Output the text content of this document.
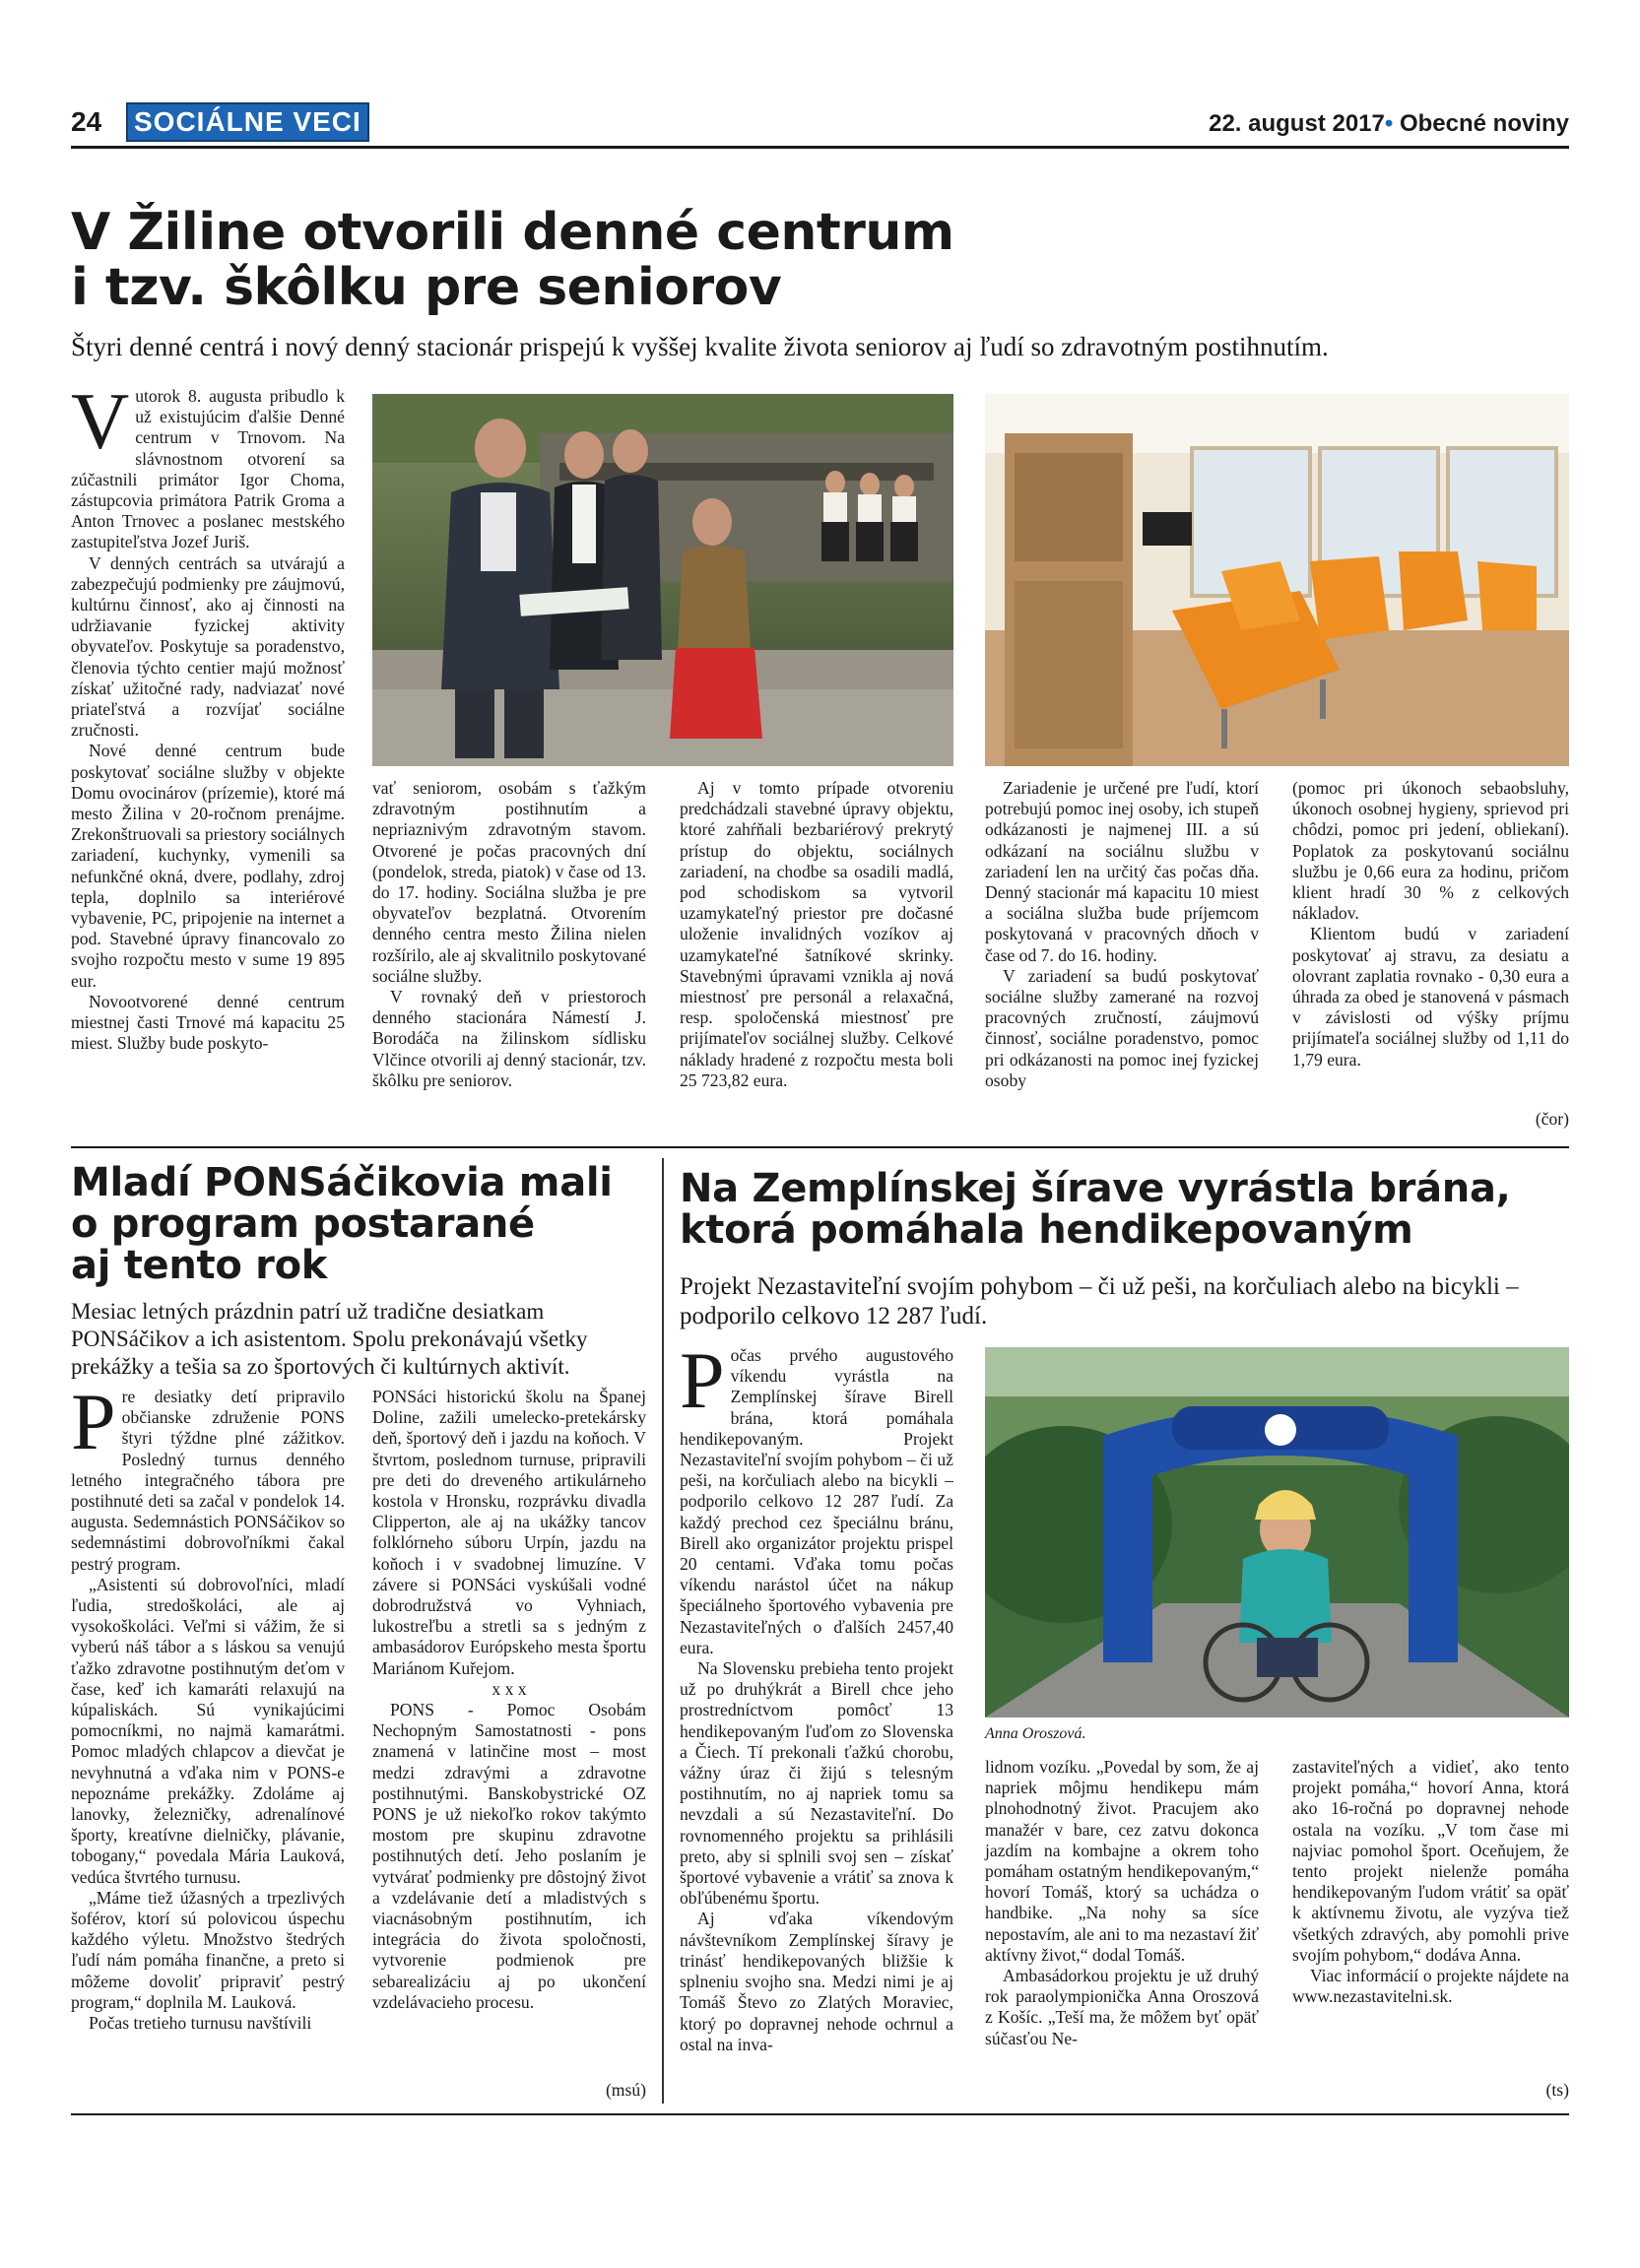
24 SOCIÁLNE VECI	22. august 2017• Obecné noviny
V Žiline otvorili denné centrum
i tzv. škôlku pre seniorov

Štyri denné centrá i nový denný stacionár prispejú k vyššej kvalite života seniorov aj ľudí so zdravotným postihnutím.

V utorok 8. augusta pribudlo k už existujúcim ďalšie Denné centrum v Trnovom. Na slávnostnom otvorení sa zúčastnili primátor Igor Choma, zástupcovia primátora Patrik Groma a Anton Trnovec a poslanec mestského zastupiteľstva Jozef Juriš.

V denných centrách sa utvárajú a zabezpečujú podmienky pre záujmovú, kultúrnu činnosť, ako aj činnosti na udržiavanie fyzickej aktivity obyvateľov. Poskytuje sa poradenstvo, členovia týchto centier majú možnosť získať užitočné rady, nadviazať nové priateľstvá a rozvíjať sociálne zručnosti.

Nové denné centrum bude poskytovať sociálne služby v objekte Domu ovocinárov (prízemie), ktoré má mesto Žilina v 20-ročnom prenájme. Zrekonštruovali sa priestory sociálnych zariadení, kuchynky, vymenili sa nefunkčné okná, dvere, podlahy, zdroj tepla, doplnilo sa interiérové vybavenie, PC, pripojenie na internet a pod. Stavebné úpravy financovalo zo svojho rozpočtu mesto v sume 19 895 eur.

Novootvorené denné centrum miestnej časti Trnové má kapacitu 25 miest. Služby bude poskyto-

vať seniorom, osobám s ťažkým zdravotným postihnutím a nepriaznivým zdravotným stavom. Otvorené je počas pracovných dní (pondelok, streda, piatok) v čase od 13. do 17. hodiny. Sociálna služba je pre obyvateľov bezplatná. Otvorením denného centra mesto Žilina nielen rozšírilo, ale aj skvalitnilo poskytované sociálne služby.

V rovnaký deň v priestoroch denného stacionára Námestí J. Borodáča na žilinskom sídlisku Vlčince otvorili aj denný stacionár, tzv. škôlku pre seniorov.

Aj v tomto prípade otvoreniu predchádzali stavebné úpravy objektu, ktoré zahŕňali bezbariérový prekrytý prístup do objektu, sociálnych zariadení, na chodbe sa osadili madlá, pod schodiskom sa vytvoril uzamykateľný priestor pre dočasné uloženie invalidných vozíkov aj uzamykateľné šatníkové skrinky. Stavebnými úpravami vznikla aj nová miestnosť pre personál a relaxačná, resp. spoločenská miestnosť pre prijímateľov sociálnej služby. Celkové náklady hradené z rozpočtu mesta boli 25 723,82 eura.

Zariadenie je určené pre ľudí, ktorí potrebujú pomoc inej osoby, ich stupeň odkázanosti je najmenej III. a sú odkázaní na sociálnu službu v zariadení len na určitý čas počas dňa. Denný stacionár má kapacitu 10 miest a sociálna služba bude príjemcom poskytovaná v pracovných dňoch v čase od 7. do 16. hodiny.

V zariadení sa budú poskytovať sociálne služby zamerané na rozvoj pracovných zručností, záujmovú činnosť, sociálne poradenstvo, pomoc pri odkázanosti na pomoc inej fyzickej osoby

(pomoc pri úkonoch sebaobsluhy, úkonoch osobnej hygieny, sprievod pri chôdzi, pomoc pri jedení, obliekaní). Poplatok za poskytovanú sociálnu službu je 0,66 eura za hodinu, pričom klient hradí 30 % z celkových nákladov.

Klientom budú v zariadení poskytovať aj stravu, za desiatu a olovrant zaplatia rovnako - 0,30 eura a úhrada za obed je stanovená v pásmach v závislosti od výšky príjmu prijímateľa sociálnej služby od 1,11 do 1,79 eura.

(čor)
Mladí PONSáčikovia mali
o program postarané
aj tento rok

Mesiac letných prázdnin patrí už tradične desiatkam PONSáčikov a ich asistentom. Spolu prekonávajú všetky prekážky a tešia sa zo športových či kultúrnych aktivít.

P re desiatky detí pripravilo občianske združenie PONS štyri týždne plné zážitkov. Posledný turnus denného letného integračného tábora pre postihnuté deti sa začal v pondelok 14. augusta. Sedemnástich PONSáčikov so sedemnástimi dobrovoľníkmi čakal pestrý program.

„Asistenti sú dobrovoľníci, mladí ľudia, stredoškoláci, ale aj vysokoškoláci. Veľmi si vážim, že si vyberú náš tábor a s láskou sa venujú ťažko zdravotne postihnutým deťom v čase, keď ich kamaráti relaxujú na kúpaliskách. Sú vynikajúcimi pomocníkmi, no najmä kamarátmi. Pomoc mladých chlapcov a dievčat je nevyhnutná a vďaka nim v PONS-e nepoznáme prekážky. Zdoláme aj lanovky, železničky, adrenalínové športy, kreatívne dielničky, plávanie, tobogany,“ povedala Mária Lauková, vedúca štvrtého turnusu.

„Máme tiež úžasných a trpezlivých šoférov, ktorí sú polovicou úspechu každého výletu. Množstvo štedrých ľudí nám pomáha finančne, a preto si môžeme dovoliť pripraviť pestrý program,“ doplnila M. Lauková.

Počas tretieho turnusu navštívili

PONSáci historickú školu na Španej Doline, zažili umelecko-pretekársky deň, športový deň i jazdu na koňoch. V štvrtom, poslednom turnuse, pripravili pre deti do dreveného artikulárneho kostola v Hronsku, rozprávku divadla Clipperton, ale aj na ukážky tancov folklórneho súboru Urpín, jazdu na koňoch i v svadobnej limuzíne. V závere si PONSáci vyskúšali vodné dobrodružstvá vo Vyhniach, lukostreľbu a stretli sa s jedným z ambasádorov Európskeho mesta športu Mariánom Kuřejom.

x x x

PONS - Pomoc Osobám Nechopným Samostatnosti - pons znamená v latinčine most – most medzi zdravými a zdravotne postihnutými. Banskobystrické OZ PONS je už niekoľko rokov takýmto mostom pre skupinu zdravotne postihnutých detí. Jeho poslaním je vytvárať podmienky pre dôstojný život a vzdelávanie detí a mladistvých s viacnásobným postihnutím, ich integrácia do života spoločnosti, vytvorenie podmienok pre sebarealizáciu aj po ukončení vzdelávacieho procesu.

(msú)
Na Zemplínskej šírave vyrástla brána,
ktorá pomáhala hendikepovaným

Projekt Nezastaviteľní svojím pohybom – či už peši, na korčuliach alebo na bicykli – podporilo celkovo 12 287 ľudí.

P očas prvého augustového víkendu vyrástla na Zemplínskej šírave Birell brána, ktorá pomáhala hendikepovaným. Projekt Nezastaviteľní svojím pohybom – či už peši, na korčuliach alebo na bicykli – podporilo celkovo 12 287 ľudí. Za každý prechod cez špeciálnu bránu, Birell ako organizátor projektu prispel 20 centami. Vďaka tomu počas víkendu narástol účet na nákup špeciálneho športového vybavenia pre Nezastaviteľných o ďalších 2457,40 eura.

Na Slovensku prebieha tento projekt už po druhýkrát a Birell chce jeho prostredníctvom pomôcť 13 hendikepovaným ľuďom zo Slovenska a Čiech. Tí prekonali ťažkú chorobu, vážny úraz či žijú s telesným postihnutím, no aj napriek tomu sa nevzdali a sú Nezastaviteľní. Do rovnomenného projektu sa prihlásili preto, aby si splnili svoj sen – získať športové vybavenie a vrátiť sa znova k obľúbenému športu.

Aj vďaka víkendovým návštevníkom Zemplínskej šíravy je trinásť hendikepovaných bližšie k splneniu svojho sna. Medzi nimi je aj Tomáš Števo zo Zlatých Moraviec, ktorý po dopravnej nehode ochrnul a ostal na inva-

Anna Oroszová.

lidnom vozíku. „Povedal by som, že aj napriek môjmu hendikepu mám plnohodnotný život. Pracujem ako manažér v bare, cez zatvu dokonca jazdím na kombajne a okrem toho pomáham ostatným hendikepovaným,“ hovorí Tomáš, ktorý sa uchádza o handbike. „Na nohy sa síce nepostavím, ale ani to ma nezastaví žiť aktívny život,“ dodal Tomáš.

Ambasádorkou projektu je už druhý rok paraolympionička Anna Oroszová z Košíc. „Teší ma, že môžem byť opäť súčasťou Ne-

zastaviteľných a vidieť, ako tento projekt pomáha,“ hovorí Anna, ktorá ako 16-ročná po dopravnej nehode ostala na vozíku. „V tom čase mi najviac pomohol šport. Oceňujem, že tento projekt nielenže pomáha hendikepovaným ľudom vrátiť sa opäť k aktívnemu životu, ale vyzýva tiež všetkých zdravých, aby pomohli prive svojím pohybom,“ dodáva Anna.

Viac informácií o projekte nájdete na www.nezastavitelni.sk.

(ts)
